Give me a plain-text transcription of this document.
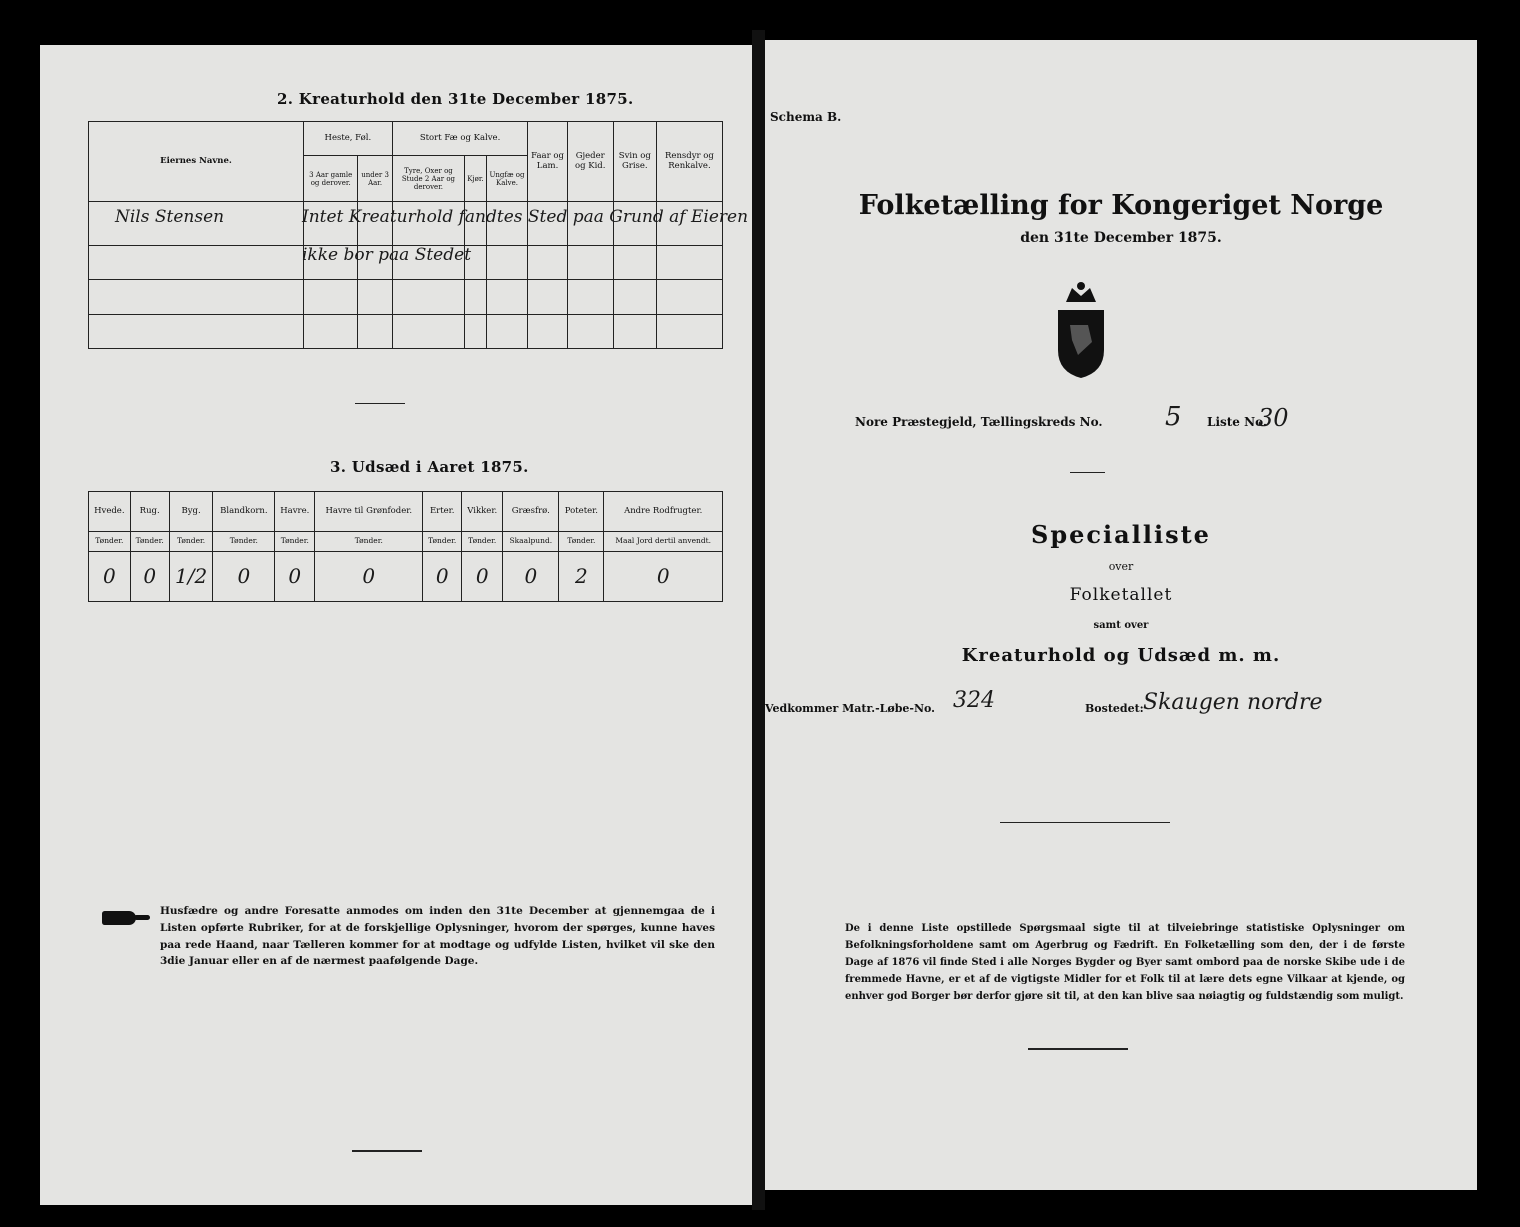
2. Kreaturhold den 31te December 1875.
Eiernes Navne.	Heste, Føl.		Stort Fæ og Kalve.			Faar og Lam.	Gjeder og Kid.	Svin og Grise.	Rensdyr og Renkalve.
	3 Aar gamle og derover.	under 3 Aar.	Tyre, Oxer og Stude 2 Aar og derover.	Kjør.	Ungfæ og Kalve.				

Nils Stensen	Intet Kreaturhold fandtes Sted paa Grund af Eieren
ikke bor paa Stedet
3. Udsæd i Aaret 1875.
Hvede.	Rug.	Byg.	Blandkorn.	Havre.	Havre til Grønfoder.	Erter.	Vikker.	Græsfrø.	Poteter.	Andre Rodfrugter.
Tønder.	Tønder.	Tønder.	Tønder.	Tønder.	Tønder.	Tønder.	Tønder.	Skaalpund.	Tønder.	Maal Jord dertil anvendt.
0	0	1/2	0	0	0	0	0	0	2	0
Husfædre og andre Foresatte anmodes om inden den 31te December at gjennemgaa de i Listen opførte Rubriker, for at de forskjellige Oplysninger, hvorom der spørges, kunne haves paa rede Haand, naar Tælleren kommer for at modtage og udfylde Listen, hvilket vil ske den 3die Januar eller en af de nærmest paafølgende Dage.
Schema B.
Folketælling for Kongeriget Norge
den 31te December 1875.
Nore Præstegjeld, Tællingskreds No. 5 Liste No.
30
Specialliste
over
Folketallet
samt over
Kreaturhold og Udsæd m. m.
Vedkommer Matr.-Løbe-No. 324	Bostedet: Skaugen nordre
De i denne Liste opstillede Spørgsmaal sigte til at tilveiebringe statistiske Oplysninger om Befolkningsforholdene samt om Agerbrug og Fædrift. En Folketælling som den, der i de første Dage af 1876 vil finde Sted i alle Norges Bygder og Byer samt ombord paa de norske Skibe ude i de fremmede Havne, er et af de vigtigste Midler for et Folk til at lære dets egne Vilkaar at kjende, og enhver god Borger bør derfor gjøre sit til, at den kan blive saa nøiagtig og fuldstændig som muligt.
